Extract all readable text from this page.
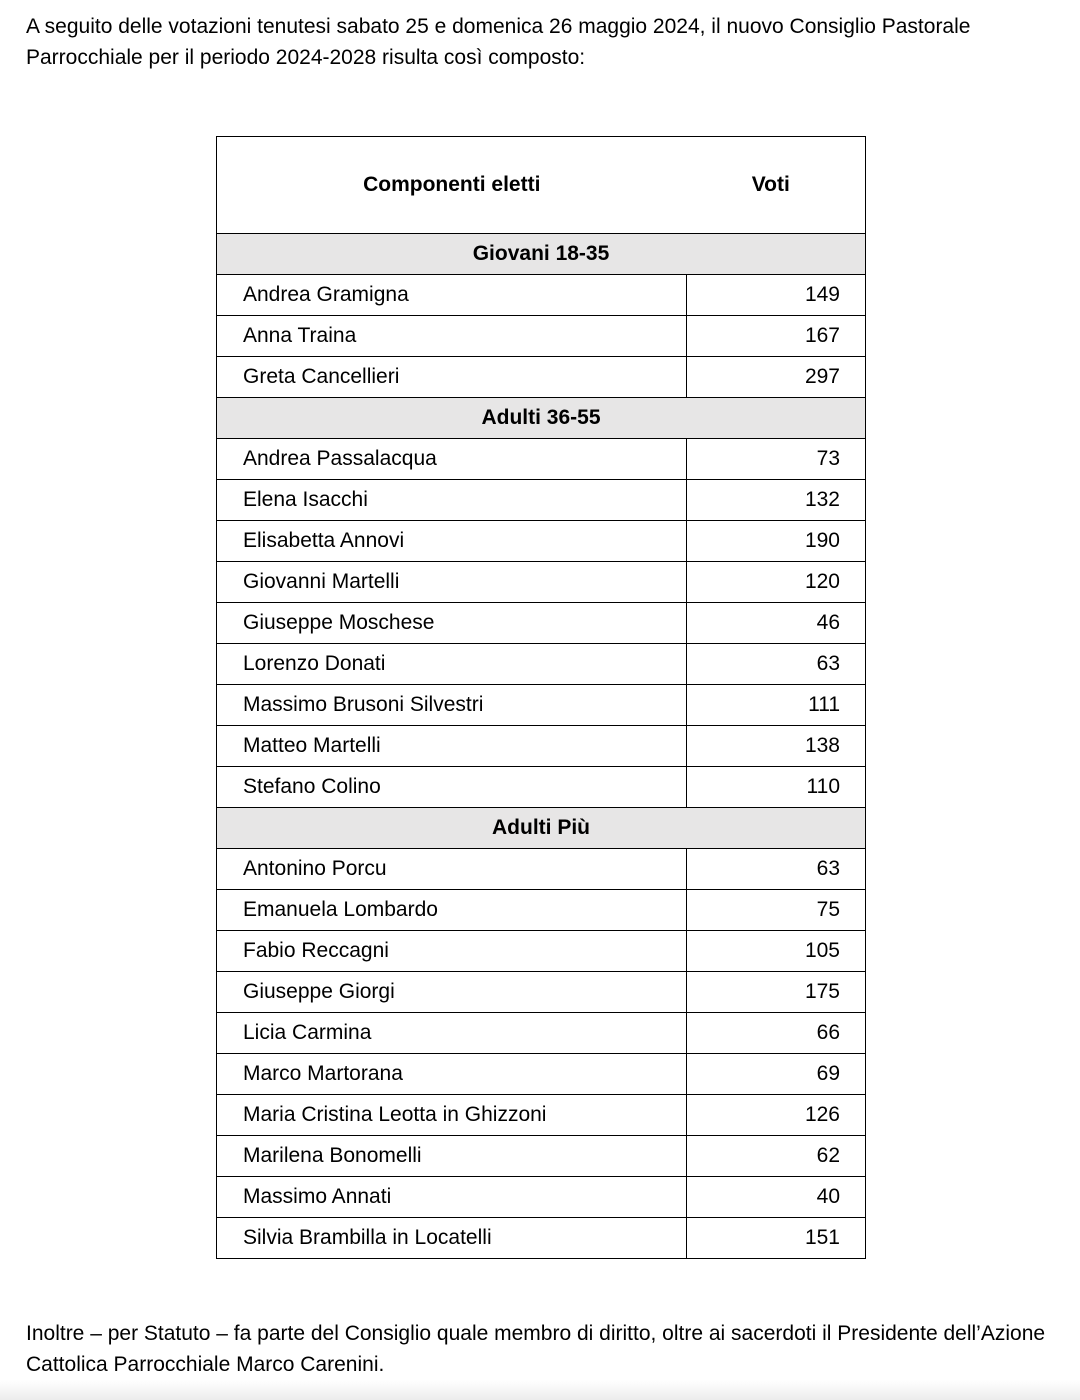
A seguito delle votazioni tenutesi sabato 25 e domenica 26 maggio 2024, il nuovo Consiglio Pastorale Parrocchiale per il periodo 2024-2028 risulta così composto:

Componenti eletti	Voti
Giovani 18-35	
Andrea Gramigna	149
Anna Traina	167
Greta Cancellieri	297
Adulti 36-55	
Andrea Passalacqua	73
Elena Isacchi	132
Elisabetta Annovi	190
Giovanni Martelli	120
Giuseppe Moschese	46
Lorenzo Donati	63
Massimo Brusoni Silvestri	111
Matteo Martelli	138
Stefano Colino	110
Adulti Più	
Antonino Porcu	63
Emanuela Lombardo	75
Fabio Reccagni	105
Giuseppe Giorgi	175
Licia Carmina	66
Marco Martorana	69
Maria Cristina Leotta in Ghizzoni	126
Marilena Bonomelli	62
Massimo Annati	40
Silvia Brambilla in Locatelli	151

Inoltre – per Statuto – fa parte del Consiglio quale membro di diritto, oltre ai sacerdoti il Presidente dell’Azione Cattolica Parrocchiale Marco Carenini.
